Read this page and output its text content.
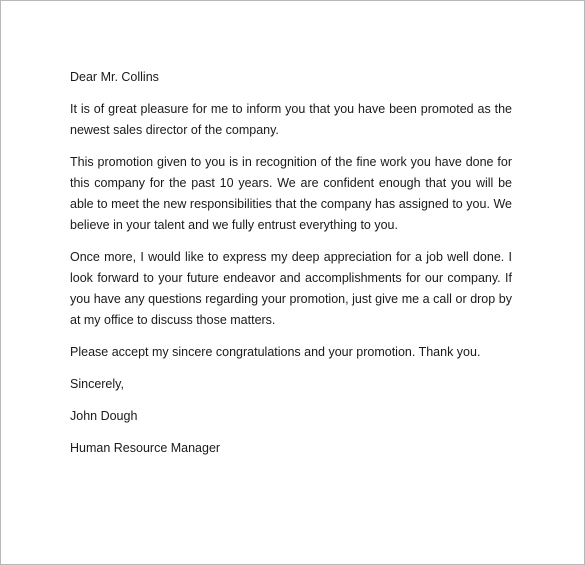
Dear Mr. Collins

It is of great pleasure for me to inform you that you have been promoted as the newest sales director of the company.

This promotion given to you is in recognition of the fine work you have done for this company for the past 10 years. We are confident enough that you will be able to meet the new responsibilities that the company has assigned to you. We believe in your talent and we fully entrust everything to you.

Once more, I would like to express my deep appreciation for a job well done. I look forward to your future endeavor and accomplishments for our company. If you have any questions regarding your promotion, just give me a call or drop by at my office to discuss those matters.

Please accept my sincere congratulations and your promotion. Thank you.

Sincerely,

John Dough

Human Resource Manager
